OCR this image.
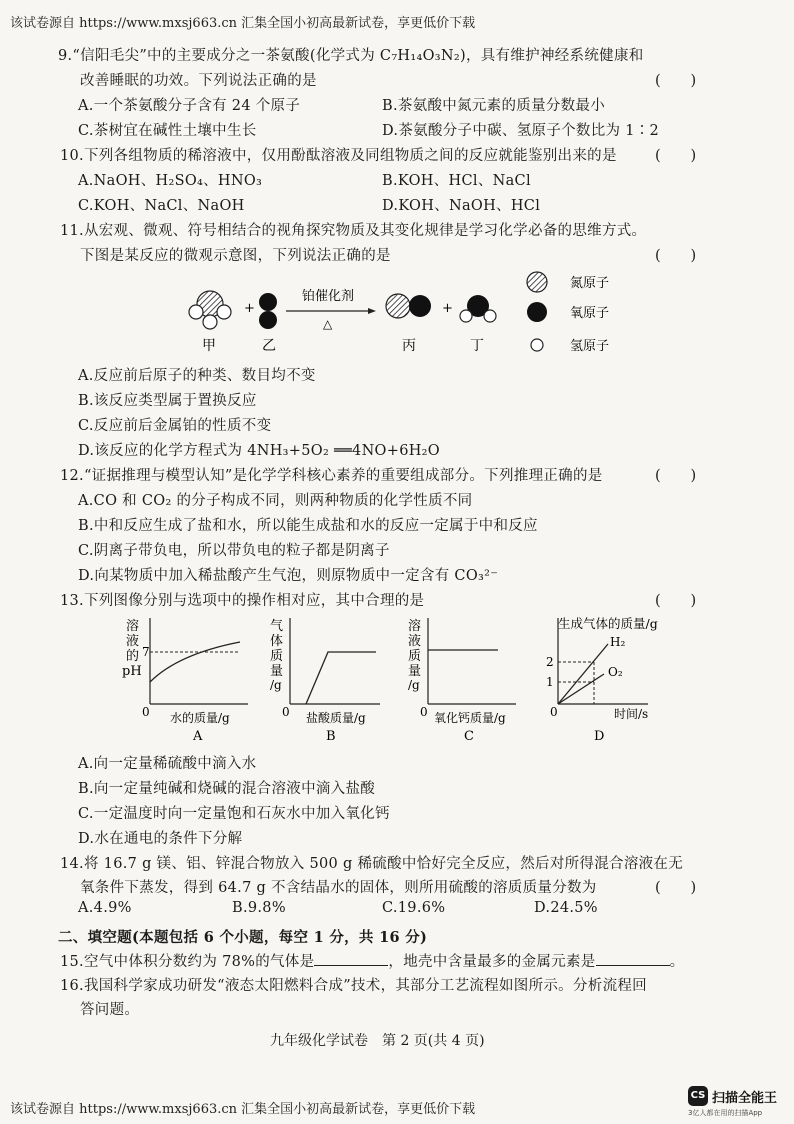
该试卷源自 https://www.mxsj663.cn 汇集全国小初高最新试卷，享更低价下载
9.“信阳毛尖”中的主要成分之一茶氨酸(化学式为 C₇H₁₄O₃N₂)，具有维护神经系统健康和
改善睡眠的功效。下列说法正确的是	(　　)
A.一个茶氨酸分子含有 24 个原子	B.茶氨酸中氮元素的质量分数最小
C.茶树宜在碱性土壤中生长	D.茶氨酸分子中碳、氢原子个数比为 1∶2
10.下列各组物质的稀溶液中，仅用酚酞溶液及同组物质之间的反应就能鉴别出来的是	(　　)
A.NaOH、H₂SO₄、HNO₃	B.KOH、HCl、NaCl
C.KOH、NaCl、NaOH	D.KOH、NaOH、HCl
11.从宏观、微观、符号相结合的视角探究物质及其变化规律是学习化学必备的思维方式。
下图是某反应的微观示意图，下列说法正确的是	(　　)
+
铂催化剂
△
+
甲	乙	丙	丁
氮原子
氧原子
氢原子
A.反应前后原子的种类、数目均不变
B.该反应类型属于置换反应
C.反应前后金属铂的性质不变
D.该反应的化学方程式为 4NH₃+5O₂ ══4NO+6H₂O
12.“证据推理与模型认知”是化学学科核心素养的重要组成部分。下列推理正确的是	(　　)
A.CO 和 CO₂ 的分子构成不同，则两种物质的化学性质不同
B.中和反应生成了盐和水，所以能生成盐和水的反应一定属于中和反应
C.阴离子带负电，所以带负电的粒子都是阴离子
D.向某物质中加入稀盐酸产生气泡，则原物质中一定含有 CO₃²⁻
13.下列图像分别与选项中的操作相对应，其中合理的是	(　　)
溶
液
的
pH
7
0 水的质量/g
A
气
体
质
量
/g
0 盐酸质量/g
B
溶
液
质
量
/g
0 氧化钙质量/g
C
生成气体的质量/g
2
1
H₂
O₂
0	时间/s
D
A.向一定量稀硫酸中滴入水
B.向一定量纯碱和烧碱的混合溶液中滴入盐酸
C.一定温度时向一定量饱和石灰水中加入氧化钙
D.水在通电的条件下分解
14.将 16.7 g 镁、铝、锌混合物放入 500 g 稀硫酸中恰好完全反应，然后对所得混合溶液在无
氧条件下蒸发，得到 64.7 g 不含结晶水的固体，则所用硫酸的溶质质量分数为	(　　)
A.4.9%	B.9.8%	C.19.6%	D.24.5%
二、填空题(本题包括 6 个小题，每空 1 分，共 16 分)
15.空气中体积分数约为 78%的气体是	，地壳中含量最多的金属元素是	。
16.我国科学家成功研发“液态太阳燃料合成”技术，其部分工艺流程如图所示。分析流程回
答问题。
九年级化学试卷　第 2 页(共 4 页)
该试卷源自 https://www.mxsj663.cn 汇集全国小初高最新试卷，享更低价下载
CS 扫描全能王
3亿人都在用的扫描App
